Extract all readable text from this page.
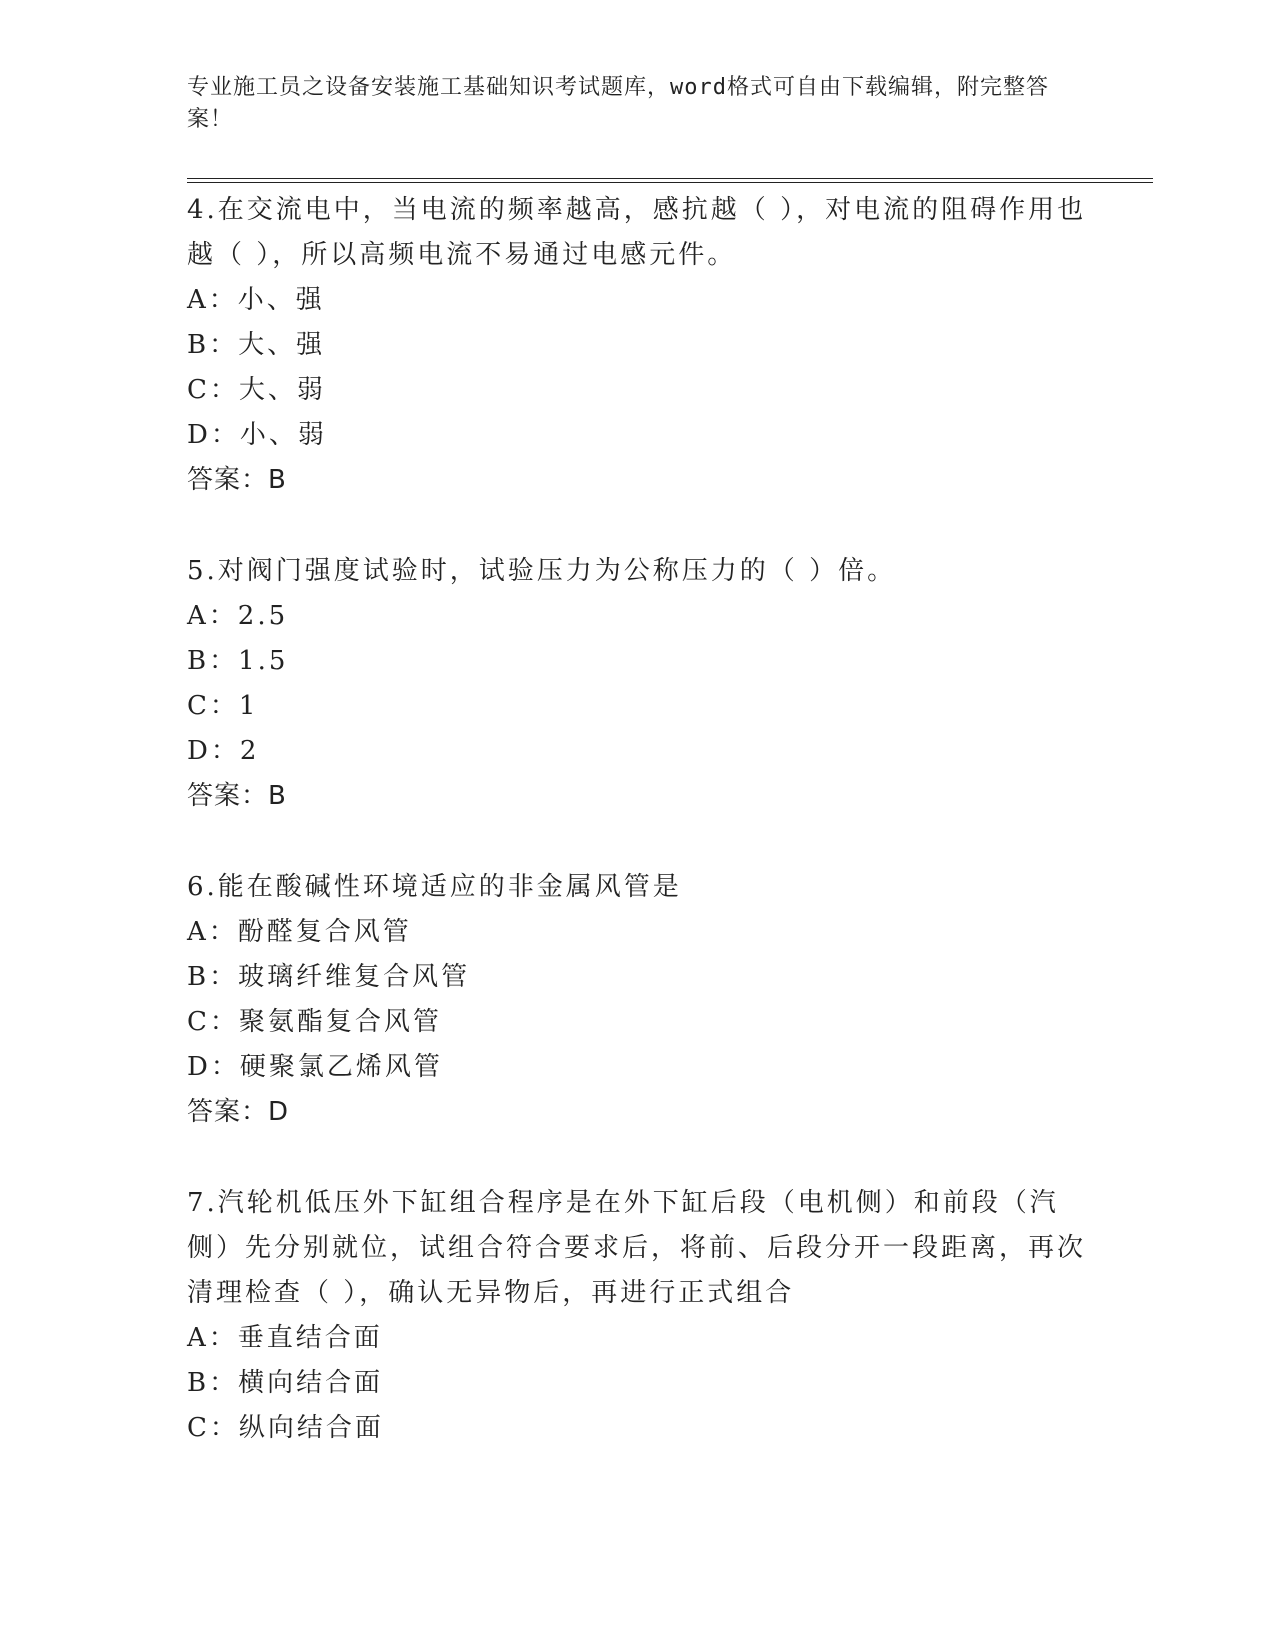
专业施工员之设备安装施工基础知识考试题库，word格式可自由下载编辑，附完整答案！
4.在交流电中，当电流的频率越高，感抗越（ ），对电流的阻碍作用也越（ ），所以高频电流不易通过电感元件。
A：小、强
B：大、强
C：大、弱
D：小、弱
答案：B
5.对阀门强度试验时，试验压力为公称压力的（ ）倍。
A：2.5
B：1.5
C：1
D：2
答案：B
6.能在酸碱性环境适应的非金属风管是
A：酚醛复合风管
B：玻璃纤维复合风管
C：聚氨酯复合风管
D：硬聚氯乙烯风管
答案：D
7.汽轮机低压外下缸组合程序是在外下缸后段（电机侧）和前段（汽侧）先分别就位，试组合符合要求后，将前、后段分开一段距离，再次清理检查（ ），确认无异物后，再进行正式组合
A：垂直结合面
B：横向结合面
C：纵向结合面
